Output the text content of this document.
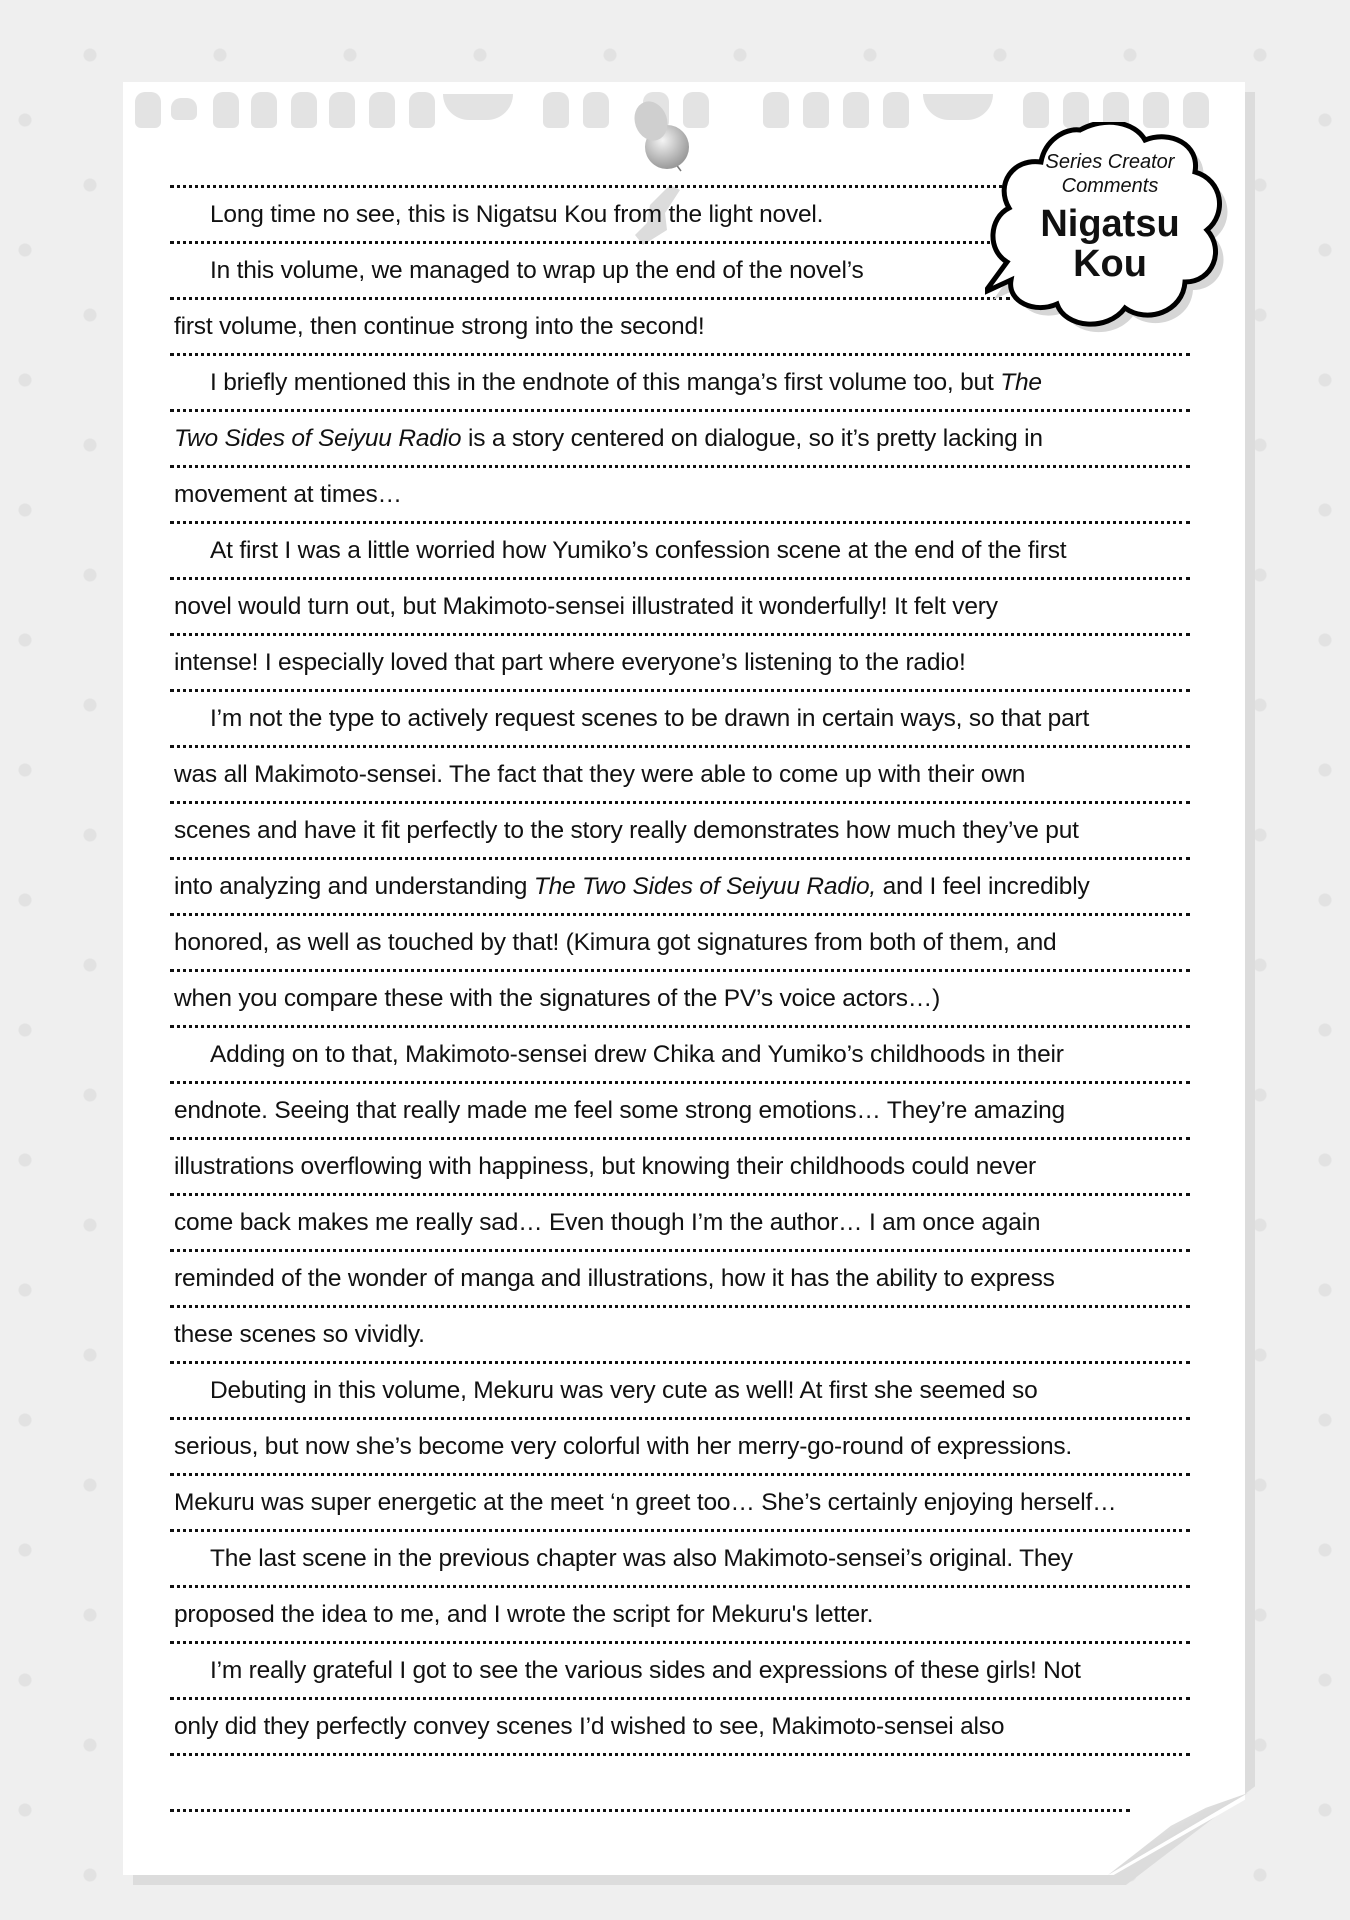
Long time no see, this is Nigatsu Kou from the light novel.
In this volume, we managed to wrap up the end of the novel’s
first volume, then continue strong into the second!
I briefly mentioned this in the endnote of this manga’s first volume too, but The
Two Sides of Seiyuu Radio is a story centered on dialogue, so it’s pretty lacking in
movement at times…
At first I was a little worried how Yumiko’s confession scene at the end of the first
novel would turn out, but Makimoto-sensei illustrated it wonderfully! It felt very
intense! I especially loved that part where everyone’s listening to the radio!
I’m not the type to actively request scenes to be drawn in certain ways, so that part
was all Makimoto-sensei. The fact that they were able to come up with their own
scenes and have it fit perfectly to the story really demonstrates how much they’ve put
into analyzing and understanding The Two Sides of Seiyuu Radio, and I feel incredibly
honored, as well as touched by that! (Kimura got signatures from both of them, and
when you compare these with the signatures of the PV’s voice actors…)
Adding on to that, Makimoto-sensei drew Chika and Yumiko’s childhoods in their
endnote. Seeing that really made me feel some strong emotions… They’re amazing
illustrations overflowing with happiness, but knowing their childhoods could never
come back makes me really sad… Even though I’m the author… I am once again
reminded of the wonder of manga and illustrations, how it has the ability to express
these scenes so vividly.
Debuting in this volume, Mekuru was very cute as well! At first she seemed so
serious, but now she’s become very colorful with her merry-go-round of expressions.
Mekuru was super energetic at the meet ‘n greet too… She’s certainly enjoying herself…
The last scene in the previous chapter was also Makimoto-sensei’s original. They
proposed the idea to me, and I wrote the script for Mekuru's letter.
I’m really grateful I got to see the various sides and expressions of these girls! Not
only did they perfectly convey scenes I’d wished to see, Makimoto-sensei also
Series Creator
Comments
Nigatsu
Kou
